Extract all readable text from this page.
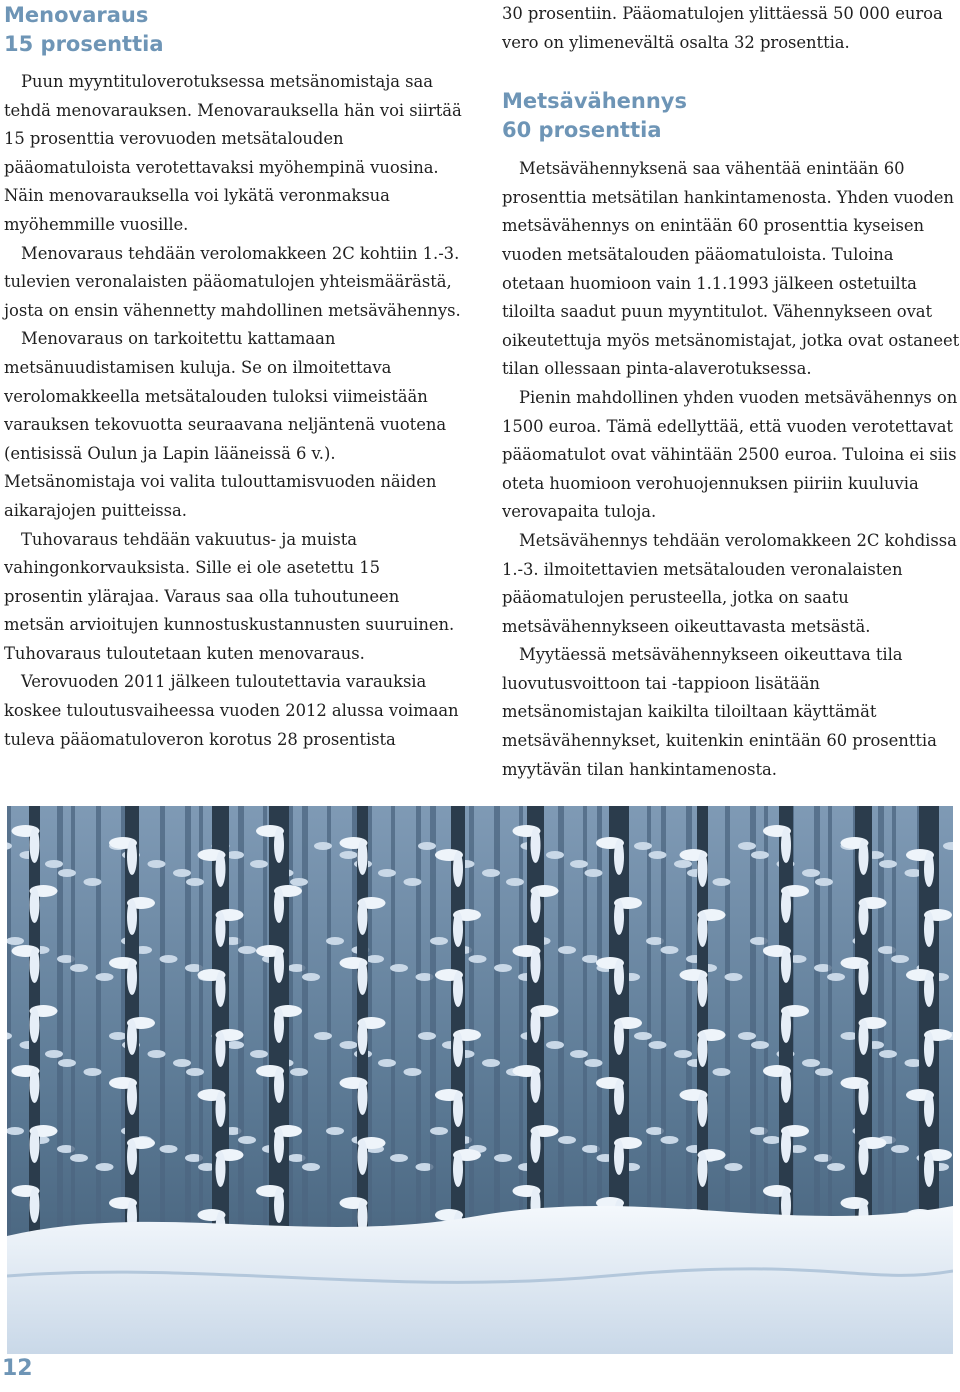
Menovaraus
15 prosenttia

Puun myyntituloverotuksessa metsänomistaja saa tehdä menovarauksen. Menovarauksella hän voi siirtää 15 prosenttia verovuoden metsätalouden pääomatuloista verotettavaksi myöhempinä vuosina. Näin menovarauksella voi lykätä veronmaksua myöhemmille vuosille.

Menovaraus tehdään verolomakkeen 2C kohtiin 1.-3. tulevien veronalaisten pääomatulojen yhteismäärästä, josta on ensin vähennetty mahdollinen metsävähennys.

Menovaraus on tarkoitettu kattamaan metsänuudistamisen kuluja. Se on ilmoitettava verolomakkeella metsätalouden tuloksi viimeistään varauksen tekovuotta seuraavana neljäntenä vuotena (entisissä Oulun ja Lapin lääneissä 6 v.). Metsänomistaja voi valita tulouttamisvuoden näiden aikarajojen puitteissa.

Tuhovaraus tehdään vakuutus- ja muista vahingonkorvauksista. Sille ei ole asetettu 15 prosentin ylärajaa. Varaus saa olla tuhoutuneen metsän arvioitujen kunnostuskustannusten suuruinen. Tuhovaraus tuloutetaan kuten menovaraus.

Verovuoden 2011 jälkeen tuloutettavia varauksia koskee tuloutusvaiheessa vuoden 2012 alussa voimaan tuleva pääomatuloveron korotus 28 prosentista

30 prosentiin. Pääomatulojen ylittäessä 50 000 euroa vero on ylimenevältä osalta 32 prosenttia.

Metsävähennys
60 prosenttia

Metsävähennyksenä saa vähentää enintään 60 prosenttia metsätilan hankintamenosta. Yhden vuoden metsävähennys on enintään 60 prosenttia kyseisen vuoden metsätalouden pääomatuloista. Tuloina otetaan huomioon vain 1.1.1993 jälkeen ostetuilta tiloilta saadut puun myyntitulot. Vähennykseen ovat oikeutettuja myös metsänomistajat, jotka ovat ostaneet tilan ollessaan pinta-alaverotuksessa.

Pienin mahdollinen yhden vuoden metsävähennys on 1500 euroa. Tämä edellyttää, että vuoden verotettavat pääomatulot ovat vähintään 2500 euroa. Tuloina ei siis oteta huomioon verohuojennuksen piiriin kuuluvia verovapaita tuloja.

Metsävähennys tehdään verolomakkeen 2C kohdissa 1.-3. ilmoitettavien metsätalouden veronalaisten pääomatulojen perusteella, jotka on saatu metsävähennykseen oikeuttavasta metsästä.

Myytäessä metsävähennykseen oikeuttava tila luovutusvoittoon tai -tappioon lisätään metsänomistajan kaikilta tiloiltaan käyttämät metsävähennykset, kuitenkin enintään 60 prosenttia myytävän tilan hankintamenosta.

12
